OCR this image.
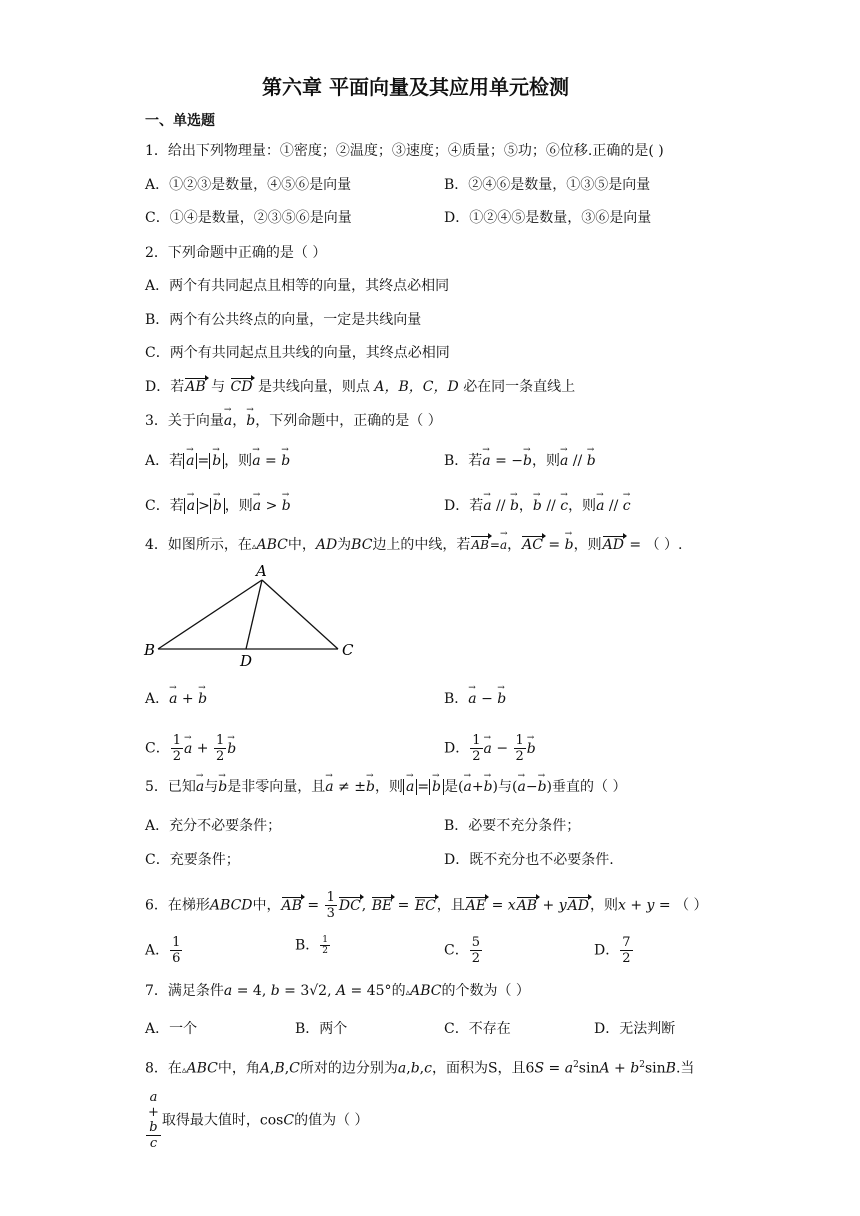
第六章 平面向量及其应用单元检测
一、单选题
1．给出下列物理量：①密度；②温度；③速度；④质量；⑤功；⑥位移.正确的是( )
A．①②③是数量，④⑤⑥是向量	B．②④⑥是数量，①③⑤是向量
C．①④是数量，②③⑤⑥是向量	D．①②④⑤是数量，③⑥是向量
2．下列命题中正确的是（ ）
A．两个有共同起点且相等的向量，其终点必相同
B．两个有公共终点的向量，一定是共线向量
C．两个有共同起点且共线的向量，其终点必相同
D．若AB 与 CD 是共线向量，则点 A，B，C，D 必在同一条直线上
3．关于向量→ a，→ b，下列命题中，正确的是（ ）
A．若→ a =→ b ，则→ a = → b	B．若→ a = −→ b，则→ a // → b
C．若→ a >→ b ，则→ a > → b	D．若→ a // → b，→ b // → c，则→ a // → c
4．如图所示，在▵ABC中，AD为BC边上的中线，若AB=→ a，AC = → b，则AD = （ ）.
A
B	C
D
A．→ a + → b	B．→ a − → b
C． $\frac{1}{2}$
→ $a + \frac{1}{2}$
→ b	D． $\frac{1}{2}$
→ $a - \frac{1}{2}$
→ b
5．已知→ a与→ b是非零向量，且→ a ≠ ±→ b，则→ a =→ b 是(→ a+→ b)与(→ a−→ b)垂直的（ ）
A．充分不必要条件；	B．必要不充分条件；
C．充要条件；	D．既不充分也不必要条件.
6．在梯形ABCD中，AB = $\frac{1}{3}$ DC, BE = EC，且AE = xAB + yAD，则x + y = （ ）
A． $\frac{1}{6}$	B． $\frac{1}{2}$	C． $\frac{5}{2}$	D． $\frac{7}{2}$
7．满足条件a = 4, b = 3√2, A = 45°的▵ABC的个数为（ ）
A．一个	B．两个	C．不存在	D．无法判断
8．在▵ABC中，角A,B,C所对的边分别为a,b,c，面积为S，且$6S = a^2\sin A + b^2\sin B$.当
a
+
b
c 取得最大值时，cosC的值为（ ）
